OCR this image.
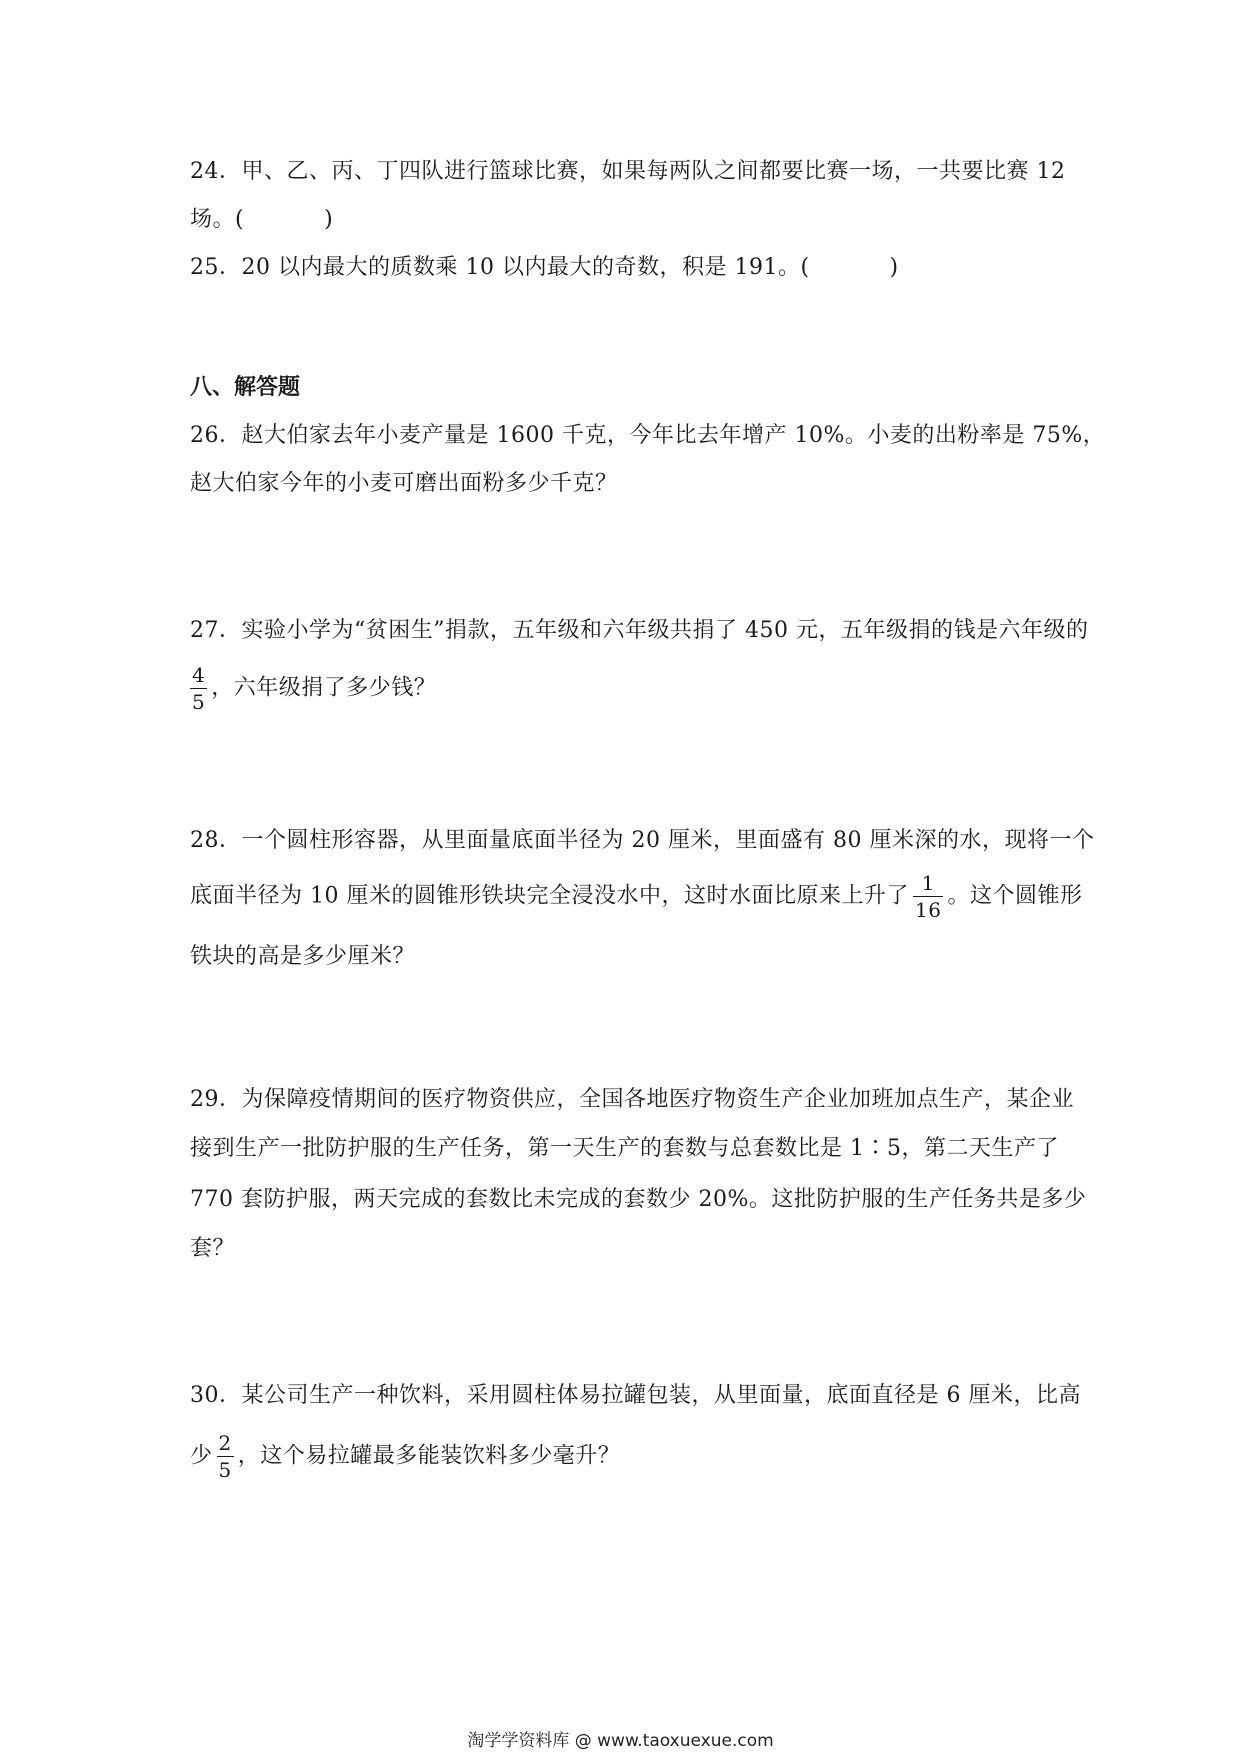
24．甲、乙、丙、丁四队进行篮球比赛，如果每两队之间都要比赛一场，一共要比赛 12
场。(	)
25．20 以内最大的质数乘 10 以内最大的奇数，积是 191。(	)
八、解答题
26．赵大伯家去年小麦产量是 1600 千克，今年比去年增产 10%。小麦的出粉率是 75%，
赵大伯家今年的小麦可磨出面粉多少千克？
27．实验小学为“贫困生”捐款，五年级和六年级共捐了 450 元，五年级捐的钱是六年级的
$\frac{4}{5}$ ，六年级捐了多少钱？
28．一个圆柱形容器，从里面量底面半径为 20 厘米，里面盛有 80 厘米深的水，现将一个
底面半径为 10 厘米的圆锥形铁块完全浸没水中，这时水面比原来上升了 $\frac{1}{16}$ 。这个圆锥形
铁块的高是多少厘米？
29．为保障疫情期间的医疗物资供应，全国各地医疗物资生产企业加班加点生产，某企业
接到生产一批防护服的生产任务，第一天生产的套数与总套数比是 1∶5，第二天生产了
770 套防护服，两天完成的套数比未完成的套数少 20%。这批防护服的生产任务共是多少
套？
30．某公司生产一种饮料，采用圆柱体易拉罐包装，从里面量，底面直径是 6 厘米，比高
少 $\frac{2}{5}$ ，这个易拉罐最多能装饮料多少毫升？
淘学学资料库 @ www.taoxuexue.com
